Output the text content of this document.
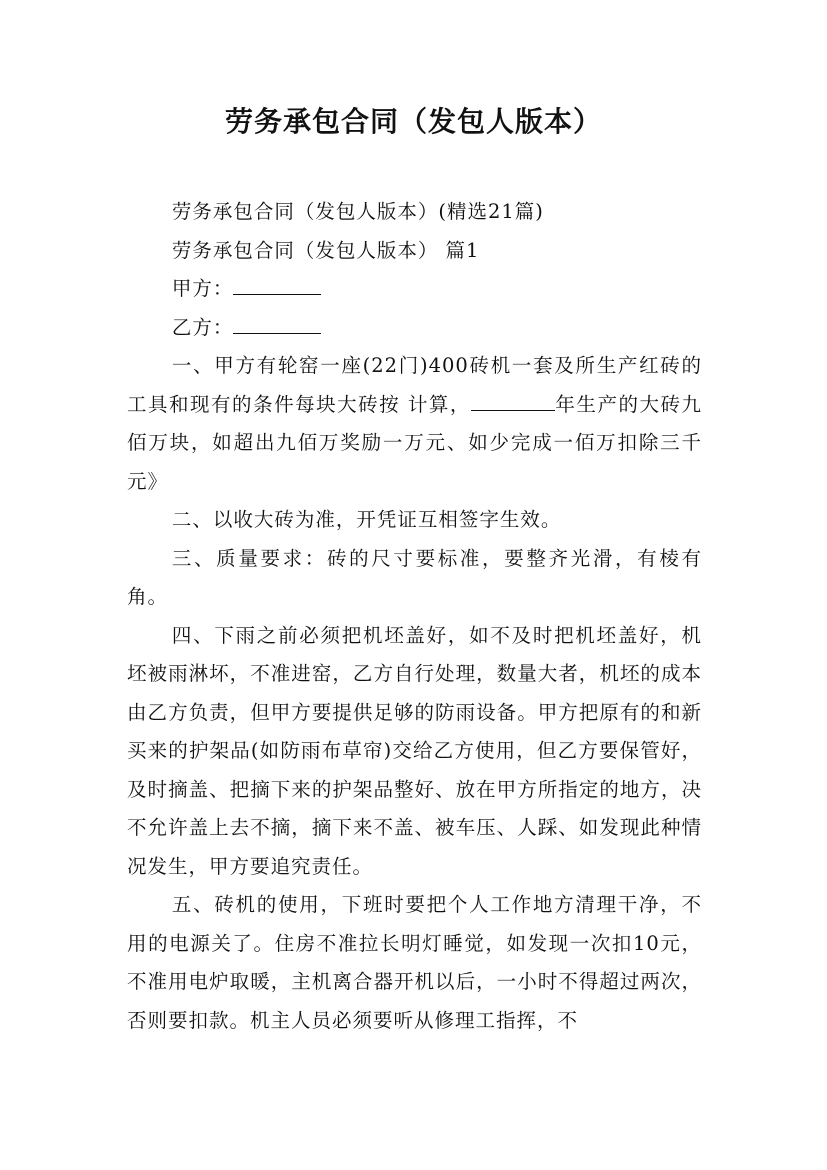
劳务承包合同（发包人版本）

劳务承包合同（发包人版本）(精选21篇)

劳务承包合同（发包人版本） 篇1

甲方：

乙方：

一、甲方有轮窑一座(22门)400砖机一套及所生产红砖的工具和现有的条件每块大砖按 计算，	年生产的大砖九佰万块，如超出九佰万奖励一万元、如少完成一佰万扣除三千元》

二、以收大砖为准，开凭证互相签字生效。

三、质量要求：砖的尺寸要标准，要整齐光滑，有棱有角。

四、下雨之前必须把机坯盖好，如不及时把机坯盖好，机坯被雨淋坏，不准进窑，乙方自行处理，数量大者，机坯的成本由乙方负责，但甲方要提供足够的防雨设备。甲方把原有的和新买来的护架品(如防雨布草帘)交给乙方使用，但乙方要保管好，及时摘盖、把摘下来的护架品整好、放在甲方所指定的地方，决不允许盖上去不摘，摘下来不盖、被车压、人踩、如发现此种情况发生，甲方要追究责任。

五、砖机的使用，下班时要把个人工作地方清理干净，不用的电源关了。住房不准拉长明灯睡觉，如发现一次扣10元，不准用电炉取暖，主机离合器开机以后，一小时不得超过两次，否则要扣款。机主人员必须要听从修理工指挥，不
